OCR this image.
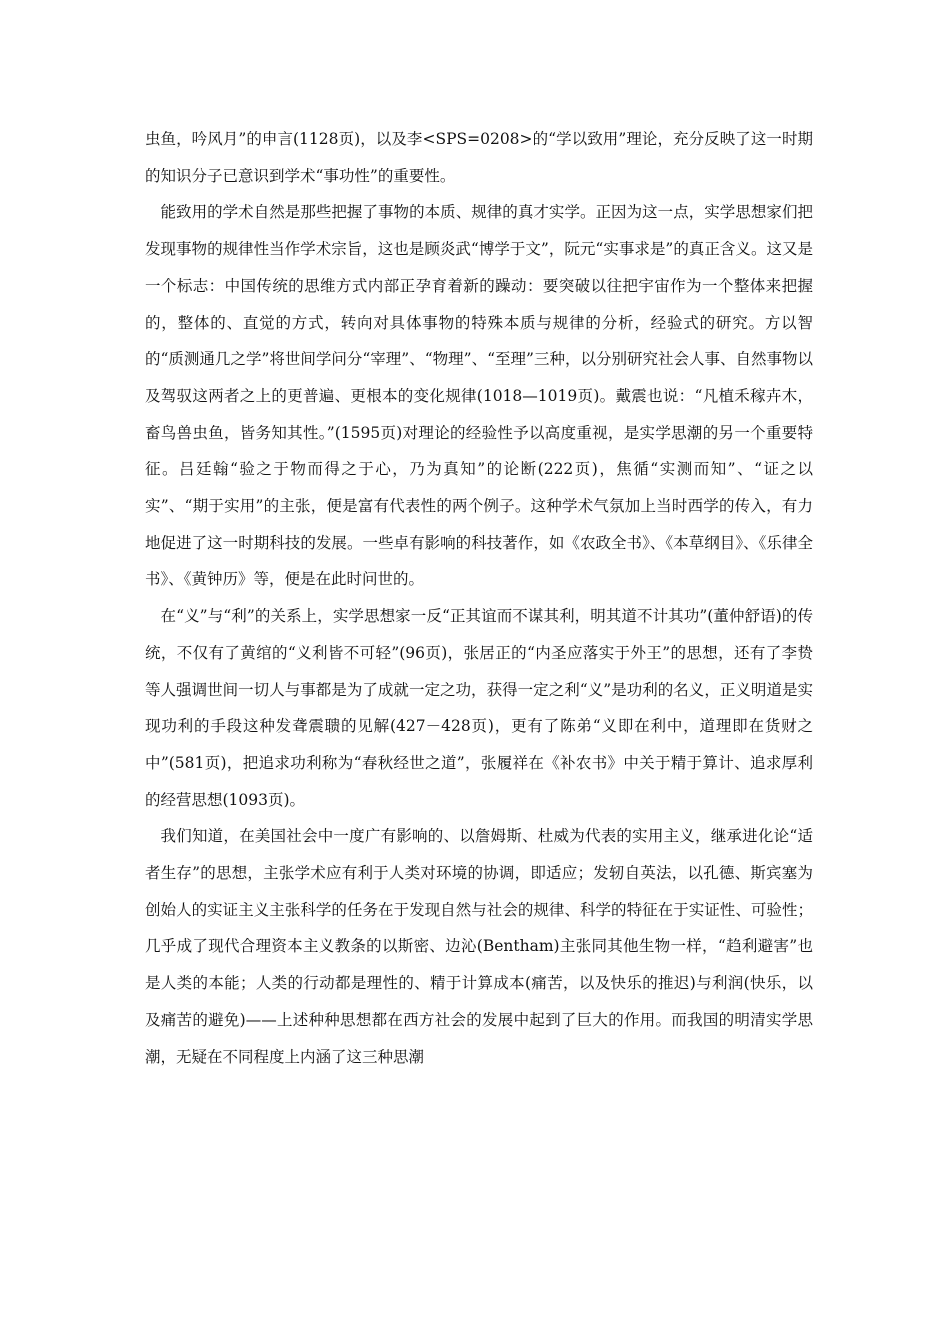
虫鱼，吟风月”的申言(1128页)，以及李<SPS=0208>的“学以致用”理论，充分反映了这一时期的知识分子已意识到学术“事功性”的重要性。

能致用的学术自然是那些把握了事物的本质、规律的真才实学。正因为这一点，实学思想家们把发现事物的规律性当作学术宗旨，这也是顾炎武“博学于文”，阮元“实事求是”的真正含义。这又是一个标志：中国传统的思维方式内部正孕育着新的躁动：要突破以往把宇宙作为一个整体来把握的，整体的、直觉的方式，转向对具体事物的特殊本质与规律的分析，经验式的研究。方以智的“质测通几之学”将世间学问分“宰理”、“物理”、“至理”三种，以分别研究社会人事、自然事物以及驾驭这两者之上的更普遍、更根本的变化规律(1018—1019页)。戴震也说：“凡植禾稼卉木，畜鸟兽虫鱼，皆务知其性。”(1595页)对理论的经验性予以高度重视，是实学思潮的另一个重要特征。吕廷翰“验之于物而得之于心，乃为真知”的论断(222页)，焦循“实测而知”、“证之以实”、“期于实用”的主张，便是富有代表性的两个例子。这种学术气氛加上当时西学的传入，有力地促进了这一时期科技的发展。一些卓有影响的科技著作，如《农政全书》、《本草纲目》、《乐律全书》、《黄钟历》等，便是在此时问世的。

在“义”与“利”的关系上，实学思想家一反“正其谊而不谋其利，明其道不计其功”(董仲舒语)的传统，不仅有了黄绾的“义利皆不可轻”(96页)，张居正的“内圣应落实于外王”的思想，还有了李贽等人强调世间一切人与事都是为了成就一定之功，获得一定之利“义”是功利的名义，正义明道是实现功利的手段这种发聋震聩的见解(427－428页)，更有了陈弟“义即在利中，道理即在货财之中”(581页)，把追求功利称为“春秋经世之道”，张履祥在《补农书》中关于精于算计、追求厚利的经营思想(1093页)。

我们知道，在美国社会中一度广有影响的、以詹姆斯、杜威为代表的实用主义，继承进化论“适者生存”的思想，主张学术应有利于人类对环境的协调，即适应；发轫自英法，以孔德、斯宾塞为创始人的实证主义主张科学的任务在于发现自然与社会的规律、科学的特征在于实证性、可验性；几乎成了现代合理资本主义教条的以斯密、边沁(Bentham)主张同其他生物一样，“趋利避害”也是人类的本能；人类的行动都是理性的、精于计算成本(痛苦，以及快乐的推迟)与利润(快乐，以及痛苦的避免)——上述种种思想都在西方社会的发展中起到了巨大的作用。而我国的明清实学思潮，无疑在不同程度上内涵了这三种思潮
